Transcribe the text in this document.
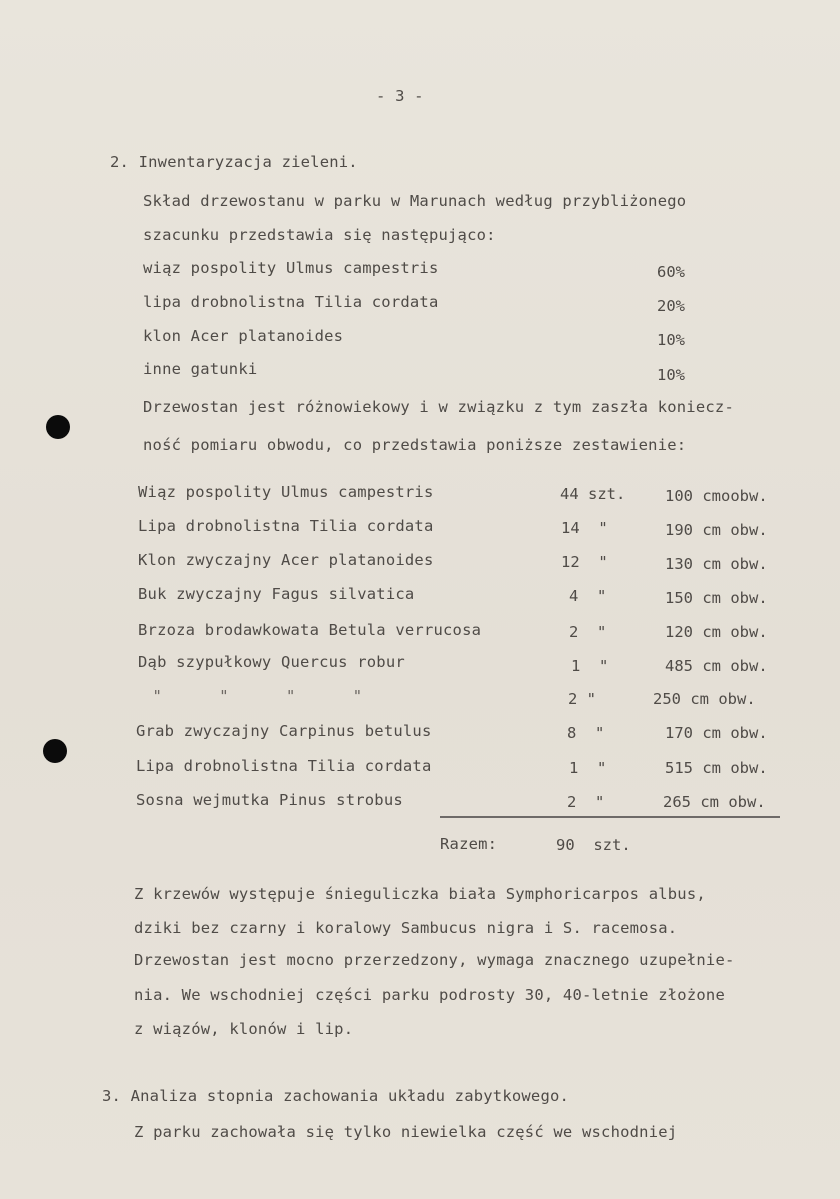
- 3 -
2. Inwentaryzacja zieleni.
Skład drzewostanu w parku w Marunach według przybliżonego
szacunku przedstawia się następująco:
wiąz pospolity Ulmus campestris	60%
lipa drobnolistna Tilia cordata	20%
klon Acer platanoides	10%
inne gatunki	10%
Drzewostan jest różnowiekowy i w związku z tym zaszła koniecz-
ność pomiaru obwodu, co przedstawia poniższe zestawienie:
Wiąz pospolity Ulmus campestris	44 szt.	100 cmoobw.
Lipa drobnolistna Tilia cordata	14  "	190 cm obw.
Klon zwyczajny Acer platanoides	12  "	130 cm obw.
Buk zwyczajny Fagus silvatica	4  "	150 cm obw.
Brzoza brodawkowata Betula verrucosa	2  "	120 cm obw.
Dąb szypułkowy Quercus robur	1  "	485 cm obw.
"      "      "      "	2 "	250 cm obw.
Grab zwyczajny Carpinus betulus	8  "	170 cm obw.
Lipa drobnolistna Tilia cordata	1  "	515 cm obw.
Sosna wejmutka Pinus strobus	2  "	265 cm obw.
Razem:	90  szt.
Z krzewów występuje śnieguliczka biała Symphoricarpos albus,
dziki bez czarny i koralowy Sambucus nigra i S. racemosa.
Drzewostan jest mocno przerzedzony, wymaga znacznego uzupełnie-
nia. We wschodniej części parku podrosty 30, 40-letnie złożone
z wiązów, klonów i lip.
3. Analiza stopnia zachowania układu zabytkowego.
Z parku zachowała się tylko niewielka część we wschodniej
